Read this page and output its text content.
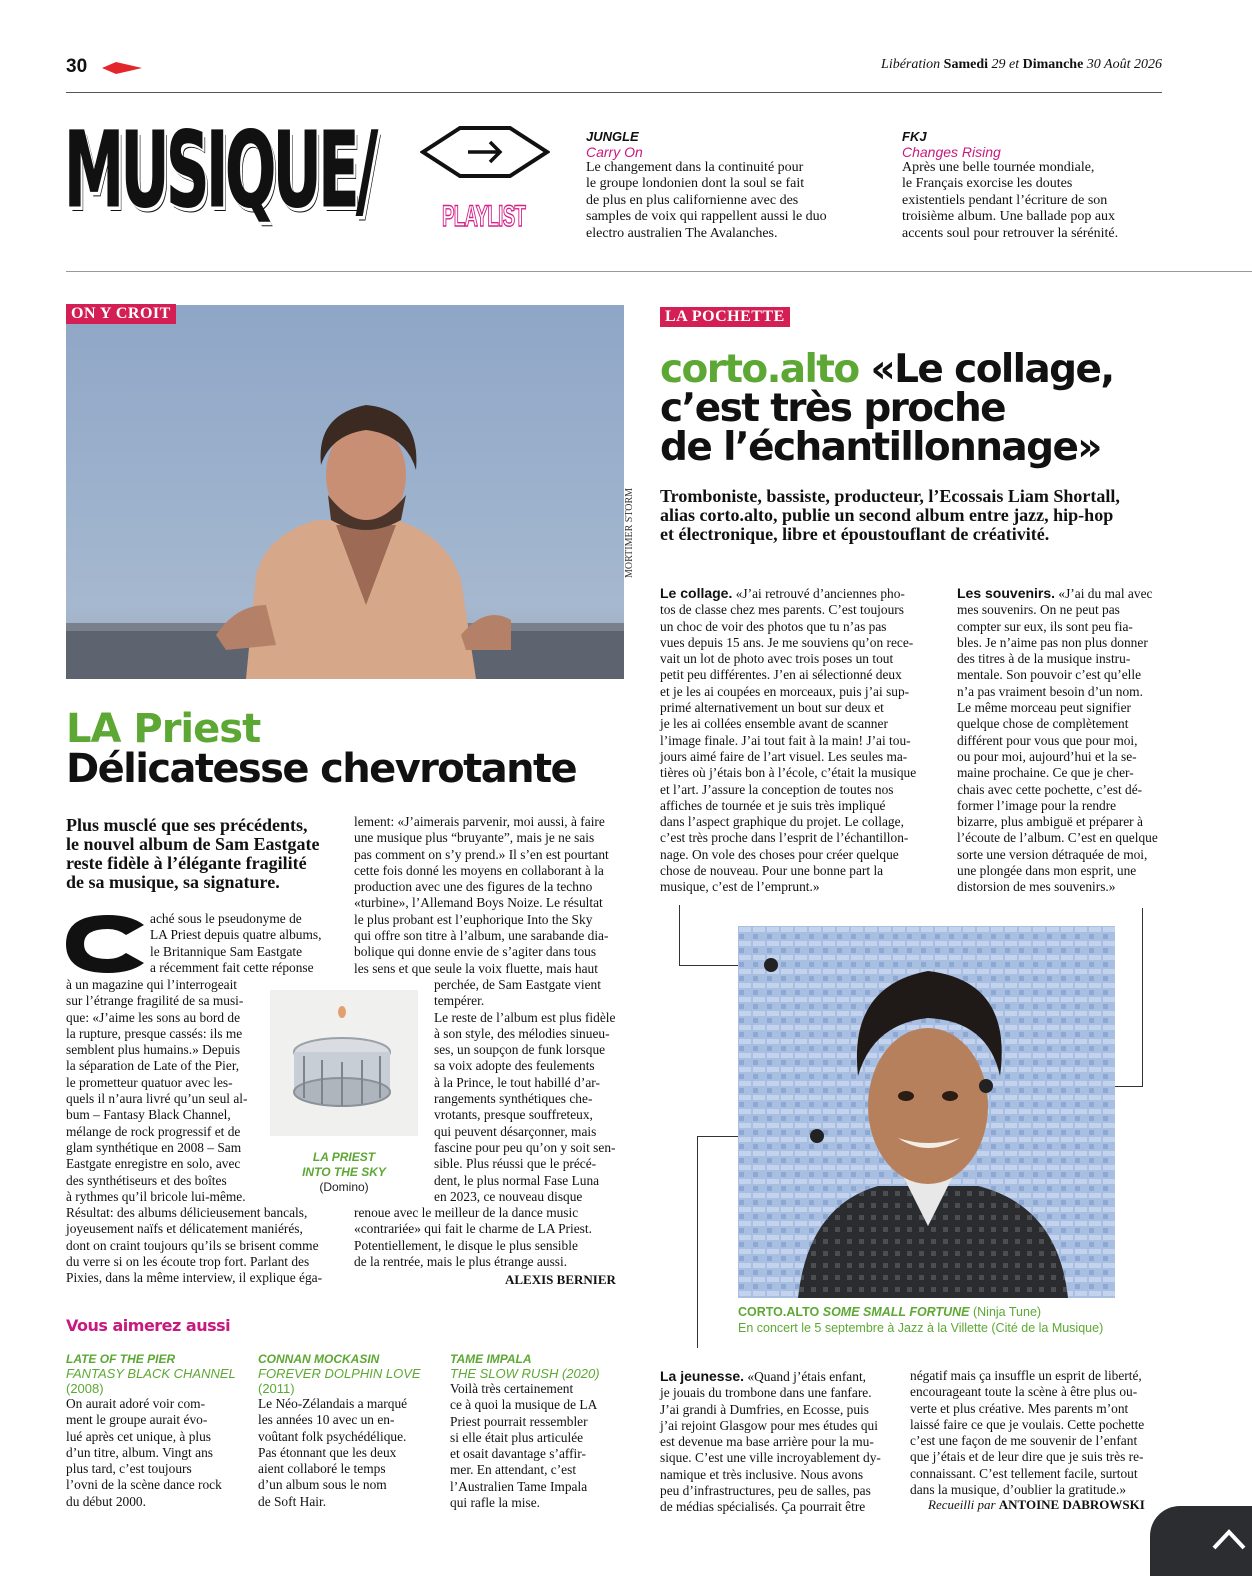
30	Libération Samedi 29 et Dimanche 30 Août 2026
MUSIQUE/ PLAYLIST
JUNGLE
Carry On
Le changement dans la continuité pour
le groupe londonien dont la soul se fait
de plus en plus californienne avec des
samples de voix qui rappellent aussi le duo
electro australien The Avalanches.
FKJ
Changes Rising
Après une belle tournée mondiale,
le Français exorcise les doutes
existentiels pendant l’écriture de son
troisième album. Une ballade pop aux
accents soul pour retrouver la sérénité.
ON Y CROIT
MORTIMER STORM
LA Priest
Délicatesse chevrotante
Plus musclé que ses précédents,
le nouvel album de Sam Eastgate
reste fidèle à l’élégante fragilité
de sa musique, sa signature.
aché sous le pseudonyme de
LA Priest depuis quatre albums,
le Britannique Sam Eastgate
a récemment fait cette réponse
à un magazine qui l’interrogeait
sur l’étrange fragilité de sa musi-
que: «J’aime les sons au bord de
la rupture, presque cassés: ils me
semblent plus humains.» Depuis
la séparation de Late of the Pier,
le prometteur quatuor avec les-
quels il n’aura livré qu’un seul al-
bum – Fantasy Black Channel,
mélange de rock progressif et de
glam synthétique en 2008 – Sam
Eastgate enregistre en solo, avec
des synthétiseurs et des boîtes
à rythmes qu’il bricole lui-même.
Résultat: des albums délicieusement bancals,
joyeusement naïfs et délicatement maniérés,
dont on craint toujours qu’ils se brisent comme
du verre si on les écoute trop fort. Parlant des
Pixies, dans la même interview, il explique éga-
lement: «J’aimerais parvenir, moi aussi, à faire
une musique plus “bruyante”, mais je ne sais
pas comment on s’y prend.» Il s’en est pourtant
cette fois donné les moyens en collaborant à la
production avec une des figures de la techno
«turbine», l’Allemand Boys Noize. Le résultat
le plus probant est l’euphorique Into the Sky
qui offre son titre à l’album, une sarabande dia-
bolique qui donne envie de s’agiter dans tous
les sens et que seule la voix fluette, mais haut
perchée, de Sam Eastgate vient
tempérer.
Le reste de l’album est plus fidèle
à son style, des mélodies sinueu-
ses, un soupçon de funk lorsque
sa voix adopte des feulements
à la Prince, le tout habillé d’ar-
rangements synthétiques che-
vrotants, presque souffreteux,
qui peuvent désarçonner, mais
fascine pour peu qu’on y soit sen-
sible. Plus réussi que le précé-
dent, le plus normal Fase Luna
en 2023, ce nouveau disque
renoue avec le meilleur de la dance music
«contrariée» qui fait le charme de LA Priest.
Potentiellement, le disque le plus sensible
de la rentrée, mais le plus étrange aussi.
LA PRIEST
INTO THE SKY
(Domino)
ALEXIS BERNIER
Vous aimerez aussi
LATE OF THE PIER
FANTASY BLACK CHANNEL
(2008)
On aurait adoré voir com-
ment le groupe aurait évo-
lué après cet unique, à plus
d’un titre, album. Vingt ans
plus tard, c’est toujours
l’ovni de la scène dance rock
du début 2000.
CONNAN MOCKASIN
FOREVER DOLPHIN LOVE
(2011)
Le Néo-Zélandais a marqué
les années 10 avec un en-
voûtant folk psychédélique.
Pas étonnant que les deux
aient collaboré le temps
d’un album sous le nom
de Soft Hair.
TAME IMPALA
THE SLOW RUSH (2020)
Voilà très certainement
ce à quoi la musique de LA
Priest pourrait ressembler
si elle était plus articulée
et osait davantage s’affir-
mer. En attendant, c’est
l’Australien Tame Impala
qui rafle la mise.
LA POCHETTE
corto.alto «Le collage,
c’est très proche
de l’échantillonnage»
Tromboniste, bassiste, producteur, l’Ecossais Liam Shortall,
alias corto.alto, publie un second album entre jazz, hip-hop
et électronique, libre et époustouflant de créativité.
Le collage. «J’ai retrouvé d’anciennes pho-
tos de classe chez mes parents. C’est toujours
un choc de voir des photos que tu n’as pas
vues depuis 15 ans. Je me souviens qu’on rece-
vait un lot de photo avec trois poses un tout
petit peu différentes. J’en ai sélectionné deux
et je les ai coupées en morceaux, puis j’ai sup-
primé alternativement un bout sur deux et
je les ai collées ensemble avant de scanner
l’image finale. J’ai tout fait à la main! J’ai tou-
jours aimé faire de l’art visuel. Les seules ma-
tières où j’étais bon à l’école, c’était la musique
et l’art. J’assure la conception de toutes nos
affiches de tournée et je suis très impliqué
dans l’aspect graphique du projet. Le collage,
c’est très proche dans l’esprit de l’échantillon-
nage. On vole des choses pour créer quelque
chose de nouveau. Pour une bonne part la
musique, c’est de l’emprunt.»
Les souvenirs. «J’ai du mal avec
mes souvenirs. On ne peut pas
compter sur eux, ils sont peu fia-
bles. Je n’aime pas non plus donner
des titres à de la musique instru-
mentale. Son pouvoir c’est qu’elle
n’a pas vraiment besoin d’un nom.
Le même morceau peut signifier
quelque chose de complètement
différent pour vous que pour moi,
ou pour moi, aujourd’hui et la se-
maine prochaine. Ce que je cher-
chais avec cette pochette, c’est dé-
former l’image pour la rendre
bizarre, plus ambiguë et préparer à
l’écoute de l’album. C’est en quelque
sorte une version détraquée de moi,
une plongée dans mon esprit, une
distorsion de mes souvenirs.»
CORTO.ALTO SOME SMALL FORTUNE (Ninja Tune)
En concert le 5 septembre à Jazz à la Villette (Cité de la Musique)
La jeunesse. «Quand j’étais enfant,
je jouais du trombone dans une fanfare.
J’ai grandi à Dumfries, en Ecosse, puis
j’ai rejoint Glasgow pour mes études qui
est devenue ma base arrière pour la mu-
sique. C’est une ville incroyablement dy-
namique et très inclusive. Nous avons
peu d’infrastructures, peu de salles, pas
de médias spécialisés. Ça pourrait être
négatif mais ça insuffle un esprit de liberté,
encourageant toute la scène à être plus ou-
verte et plus créative. Mes parents m’ont
laissé faire ce que je voulais. Cette pochette
c’est une façon de me souvenir de l’enfant
que j’étais et de leur dire que je suis très re-
connaissant. C’est tellement facile, surtout
dans la musique, d’oublier la gratitude.»
Recueilli par ANTOINE DABROWSKI
